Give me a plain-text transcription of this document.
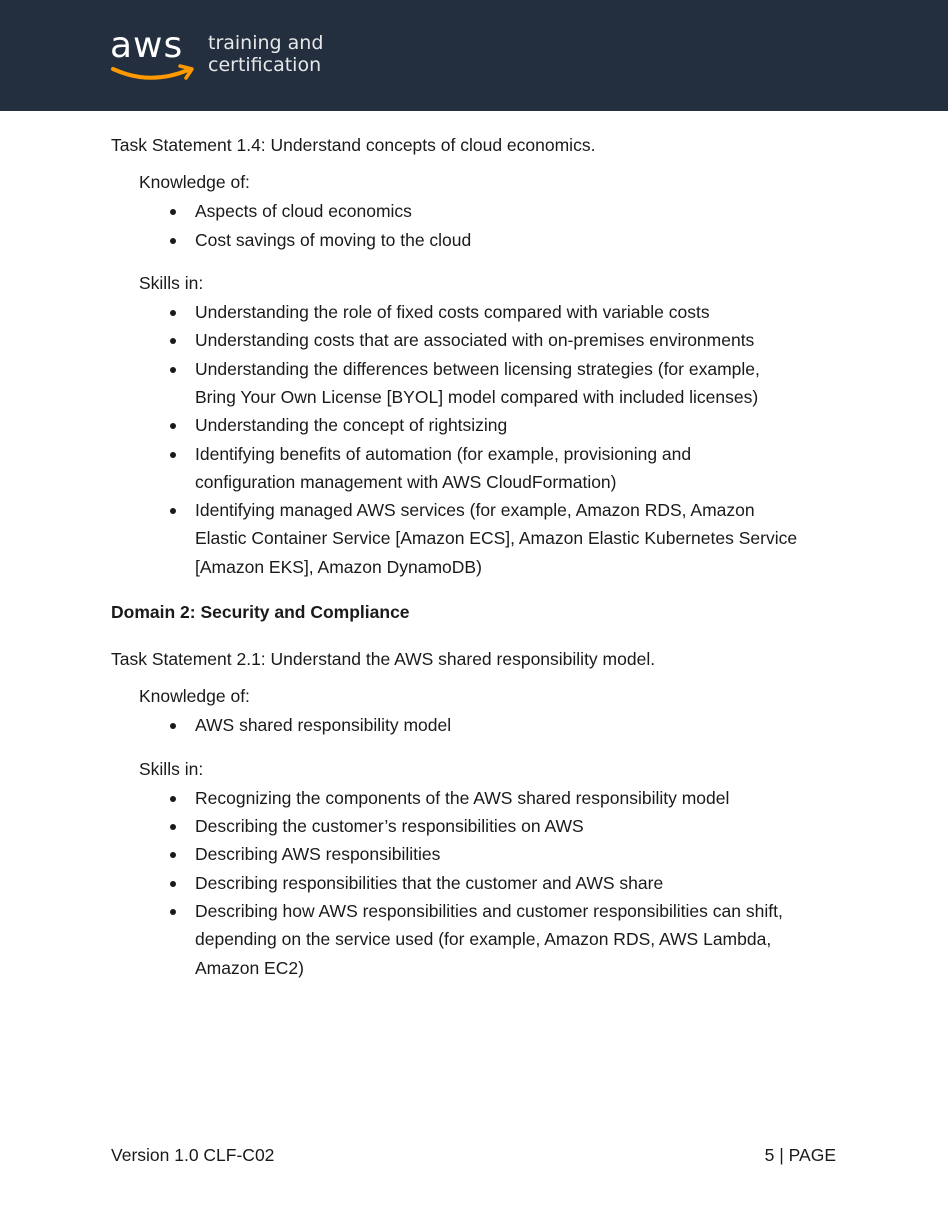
aws training and
certification
Task Statement 1.4: Understand concepts of cloud economics.
Knowledge of:
Aspects of cloud economics
Cost savings of moving to the cloud
Skills in:
Understanding the role of fixed costs compared with variable costs
Understanding costs that are associated with on-premises environments
Understanding the differences between licensing strategies (for example,
Bring Your Own License [BYOL] model compared with included licenses)
Understanding the concept of rightsizing
Identifying benefits of automation (for example, provisioning and
configuration management with AWS CloudFormation)
Identifying managed AWS services (for example, Amazon RDS, Amazon
Elastic Container Service [Amazon ECS], Amazon Elastic Kubernetes Service
[Amazon EKS], Amazon DynamoDB)
Domain 2: Security and Compliance
Task Statement 2.1: Understand the AWS shared responsibility model.
Knowledge of:
AWS shared responsibility model
Skills in:
Recognizing the components of the AWS shared responsibility model
Describing the customer’s responsibilities on AWS
Describing AWS responsibilities
Describing responsibilities that the customer and AWS share
Describing how AWS responsibilities and customer responsibilities can shift,
depending on the service used (for example, Amazon RDS, AWS Lambda,
Amazon EC2)
Version 1.0 CLF-C02	5 | PAGE
